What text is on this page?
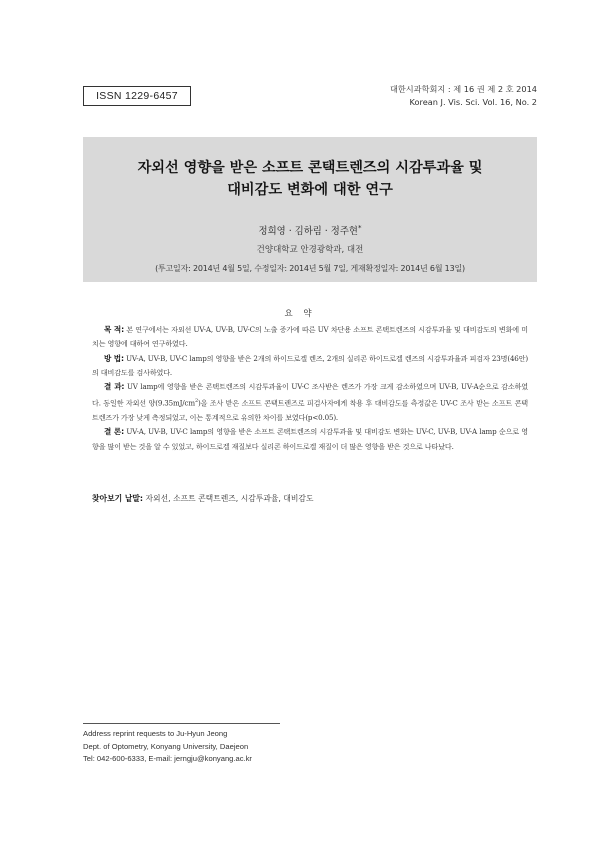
ISSN 1229-6457
대한시과학회지 : 제 16 권 제 2 호 2014
Korean J. Vis. Sci. Vol. 16, No. 2
자외선 영향을 받은 소프트 콘택트렌즈의 시감투과율 및
대비감도 변화에 대한 연구
정희영 · 김하림 · 정주현*
건양대학교 안경광학과, 대전
(투고일자: 2014년 4월 5일, 수정일자: 2014년 5월 7일, 게재확정일자: 2014년 6월 13일)
요 약

목 적: 본 연구에서는 자외선 UV-A, UV-B, UV-C의 노출 증가에 따른 UV 차단용 소프트 콘택트렌즈의 시감투과율 및 대비감도의 변화에 미치는 영향에 대하여 연구하였다.

방 법: UV-A, UV-B, UV-C lamp의 영향을 받은 2개의 하이드로겔 렌즈, 2개의 실리콘 하이드로겔 렌즈의 시감투과율과 피검자 23명(46안)의 대비감도를 검사하였다.

결 과: UV lamp에 영향을 받은 콘택트렌즈의 시감투과율이 UV-C 조사받은 렌즈가 가장 크게 감소하였으며 UV-B, UV-A순으로 감소하였다. 동일한 자외선 양$(9.35mJ/cm^2)$을 조사 받은 소프트 콘택트렌즈로 피검사자에게 착용 후 대비감도를 측정값은 UV-C 조사 받는 소프트 콘택트렌즈가 가장 낮게 측정되었고, 이는 통계적으로 유의한 차이를 보였다(p<0.05).

결 론: UV-A, UV-B, UV-C lamp의 영향을 받은 소프트 콘택트렌즈의 시감투과율 및 대비감도 변화는 UV-C, UV-B, UV-A lamp 순으로 영향을 많이 받는 것을 알 수 있었고, 하이드로겔 재질보다 실리콘 하이드로겔 재질이 더 많은 영향을 받은 것으로 나타났다.

찾아보기 낱말: 자외선, 소프트 콘택트렌즈, 시감투과율, 대비감도
Address reprint requests to Ju-Hyun Jeong
Dept. of Optometry, Konyang University, Daejeon
Tel: 042-600-6333, E-mail: jerngju@konyang.ac.kr
